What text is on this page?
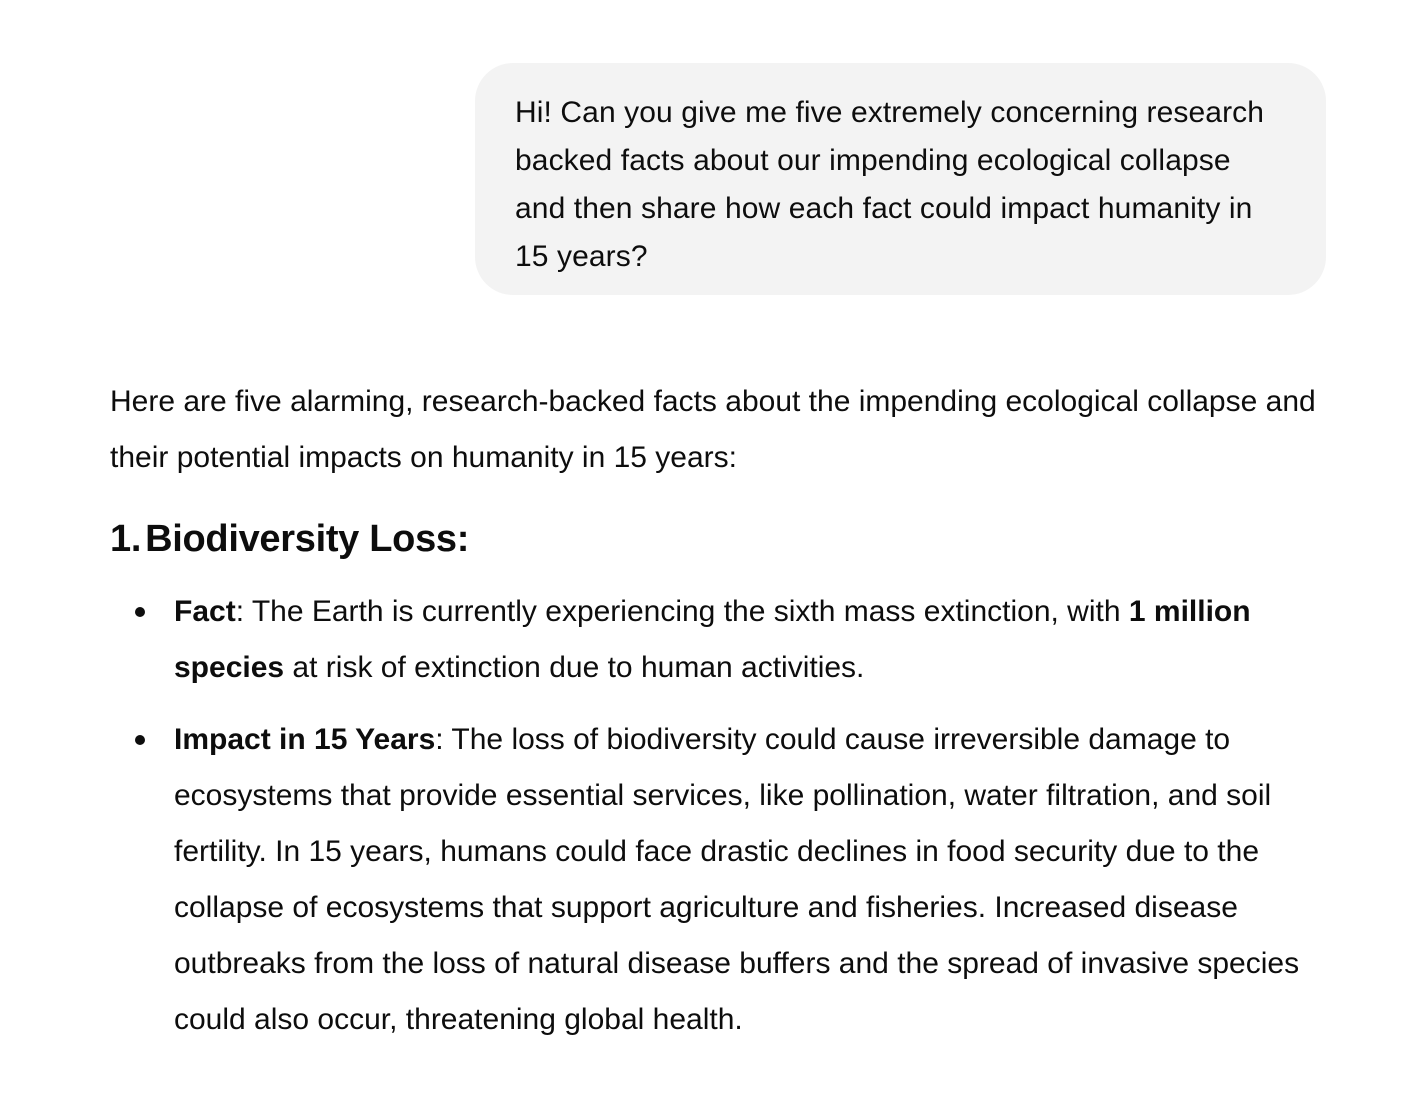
Hi! Can you give me five extremely concerning research backed facts about our impending ecological collapse and then share how each fact could impact humanity in 15 years?

Here are five alarming, research-backed facts about the impending ecological collapse and their potential impacts on humanity in 15 years:

1. Biodiversity Loss:
Fact: The Earth is currently experiencing the sixth mass extinction, with 1 million species at risk of extinction due to human activities.
Impact in 15 Years: The loss of biodiversity could cause irreversible damage to ecosystems that provide essential services, like pollination, water filtration, and soil fertility. In 15 years, humans could face drastic declines in food security due to the collapse of ecosystems that support agriculture and fisheries. Increased disease outbreaks from the loss of natural disease buffers and the spread of invasive species could also occur, threatening global health.
